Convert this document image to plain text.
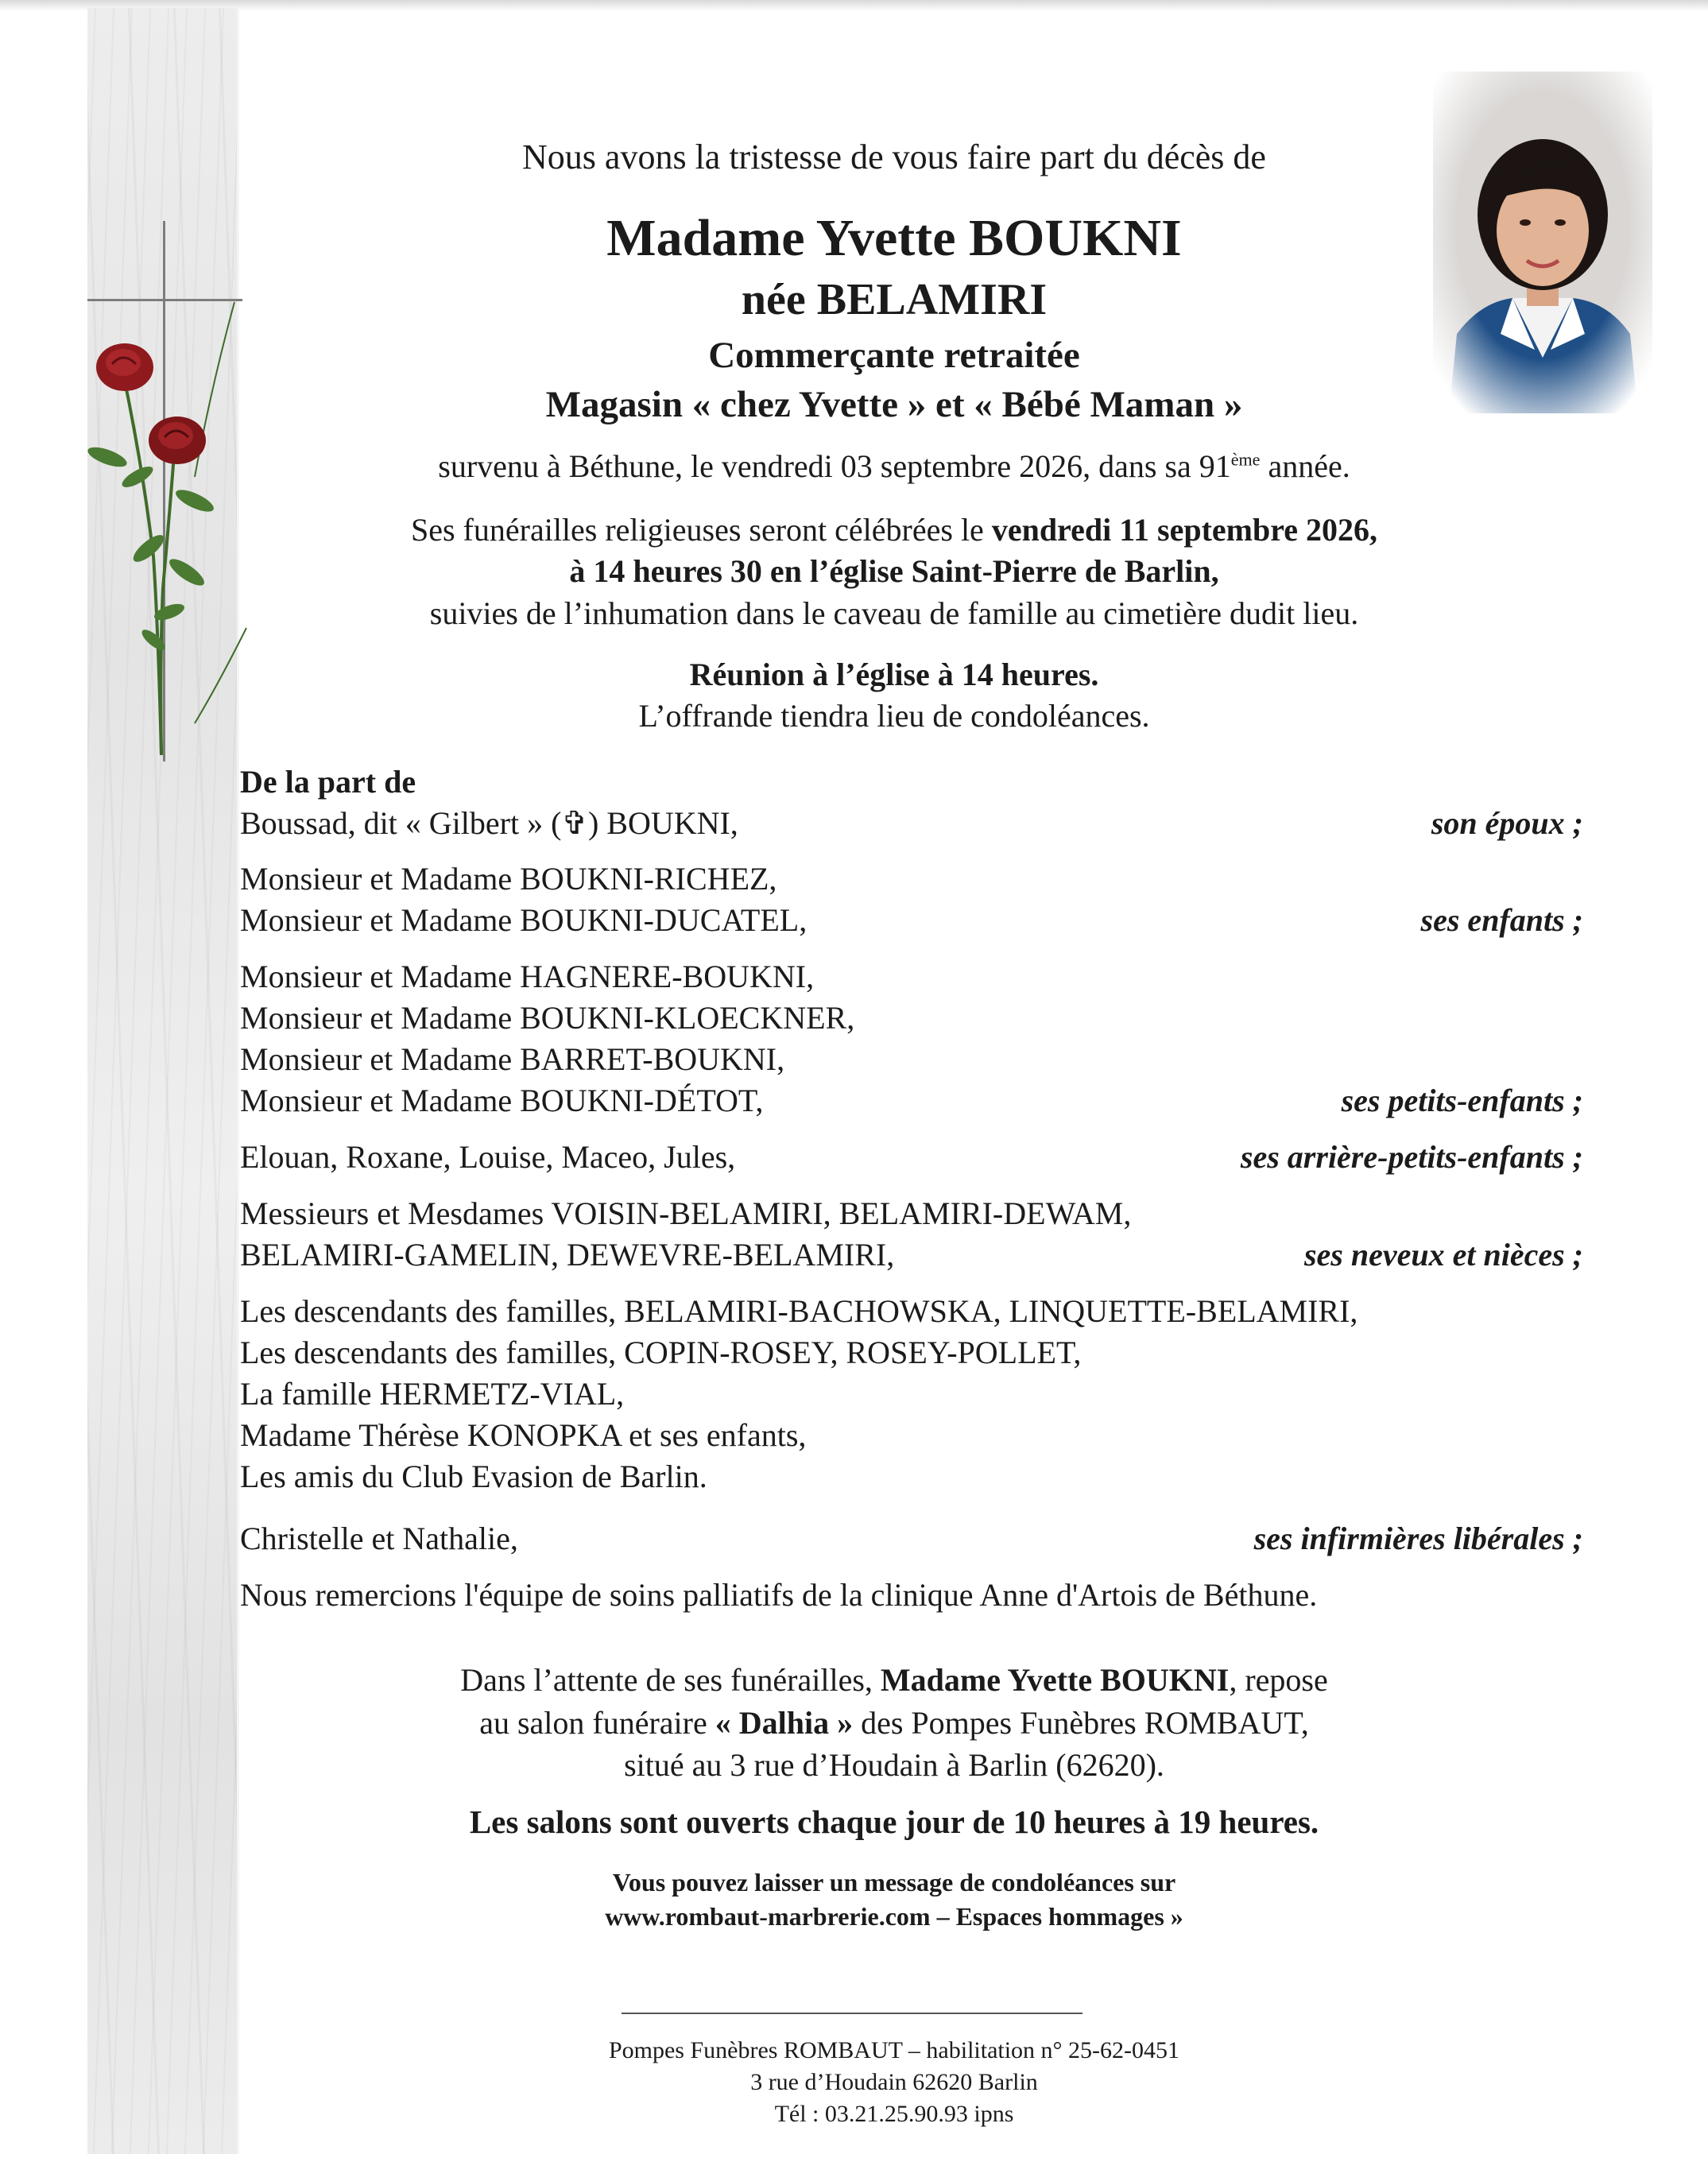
Nous avons la tristesse de vous faire part du décès de
Madame Yvette BOUKNI
née BELAMIRI
Commerçante retraitée
Magasin « chez Yvette » et « Bébé Maman »
survenu à Béthune, le vendredi 03 septembre 2026, dans sa 91ème année.
Ses funérailles religieuses seront célébrées le vendredi 11 septembre 2026,
à 14 heures 30 en l’église Saint-Pierre de Barlin,
suivies de l’inhumation dans le caveau de famille au cimetière dudit lieu.
Réunion à l’église à 14 heures.
L’offrande tiendra lieu de condoléances.
De la part de
Boussad, dit « Gilbert » (✞) BOUKNI,	son époux ;
Monsieur et Madame BOUKNI-RICHEZ,
Monsieur et Madame BOUKNI-DUCATEL,	ses enfants ;
Monsieur et Madame HAGNERE-BOUKNI,
Monsieur et Madame BOUKNI-KLOECKNER,
Monsieur et Madame BARRET-BOUKNI,
Monsieur et Madame BOUKNI-DÉTOT,	ses petits-enfants ;
Elouan, Roxane, Louise, Maceo, Jules,	ses arrière-petits-enfants ;
Messieurs et Mesdames VOISIN-BELAMIRI, BELAMIRI-DEWAM,
BELAMIRI-GAMELIN, DEWEVRE-BELAMIRI,	ses neveux et nièces ;
Les descendants des familles, BELAMIRI-BACHOWSKA, LINQUETTE-BELAMIRI,
Les descendants des familles, COPIN-ROSEY, ROSEY-POLLET,
La famille HERMETZ-VIAL,
Madame Thérèse KONOPKA et ses enfants,
Les amis du Club Evasion de Barlin.
Christelle et Nathalie,	ses infirmières libérales ;
Nous remercions l'équipe de soins palliatifs de la clinique Anne d'Artois de Béthune.
Dans l’attente de ses funérailles, Madame Yvette BOUKNI, repose
au salon funéraire « Dalhia » des Pompes Funèbres ROMBAUT,
situé au 3 rue d’Houdain à Barlin (62620).
Les salons sont ouverts chaque jour de 10 heures à 19 heures.
Vous pouvez laisser un message de condoléances sur
www.rombaut-marbrerie.com – Espaces hommages »
Pompes Funèbres ROMBAUT – habilitation n° 25-62-0451
3 rue d’Houdain 62620 Barlin
Tél : 03.21.25.90.93 ipns
